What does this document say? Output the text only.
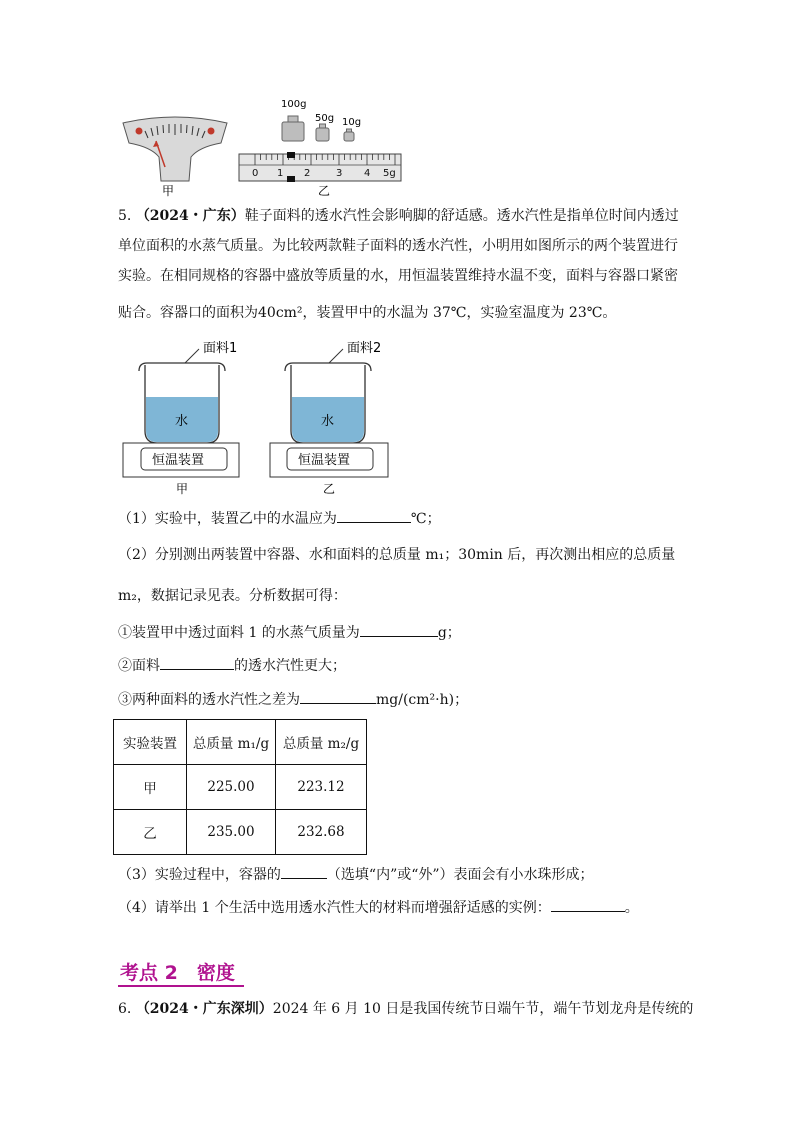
甲
100g
50g 10g
0 1 2	3 4 5g
乙
5. （2024・广东）鞋子面料的透水汽性会影响脚的舒适感。透水汽性是指单位时间内透过
单位面积的水蒸气质量。为比较两款鞋子面料的透水汽性，小明用如图所示的两个装置进行
实验。在相同规格的容器中盛放等质量的水，用恒温装置维持水温不变，面料与容器口紧密
贴合。容器口的面积为40cm²，装置甲中的水温为 37℃，实验室温度为 23℃。
面料1
水
恒温装置
甲
面料2
水
恒温装置
乙
（1）实验中，装置乙中的水温应为	℃；
（2）分别测出两装置中容器、水和面料的总质量 m₁；30min 后，再次测出相应的总质量
m₂，数据记录见表。分析数据可得：
①装置甲中透过面料 1 的水蒸气质量为	g；
②面料	的透水汽性更大；
③两种面料的透水汽性之差为	mg/(cm²·h)；
实验装置	总质量 m₁/g	总质量 m₂/g
甲	225.00	223.12
乙	235.00	232.68
（3）实验过程中，容器的	（选填“内”或“外”）表面会有小水珠形成；
（4）请举出 1 个生活中选用透水汽性大的材料而增强舒适感的实例：	。
考点 2　密度
6. （2024・广东深圳）2024 年 6 月 10 日是我国传统节日端午节，端午节划龙舟是传统的
